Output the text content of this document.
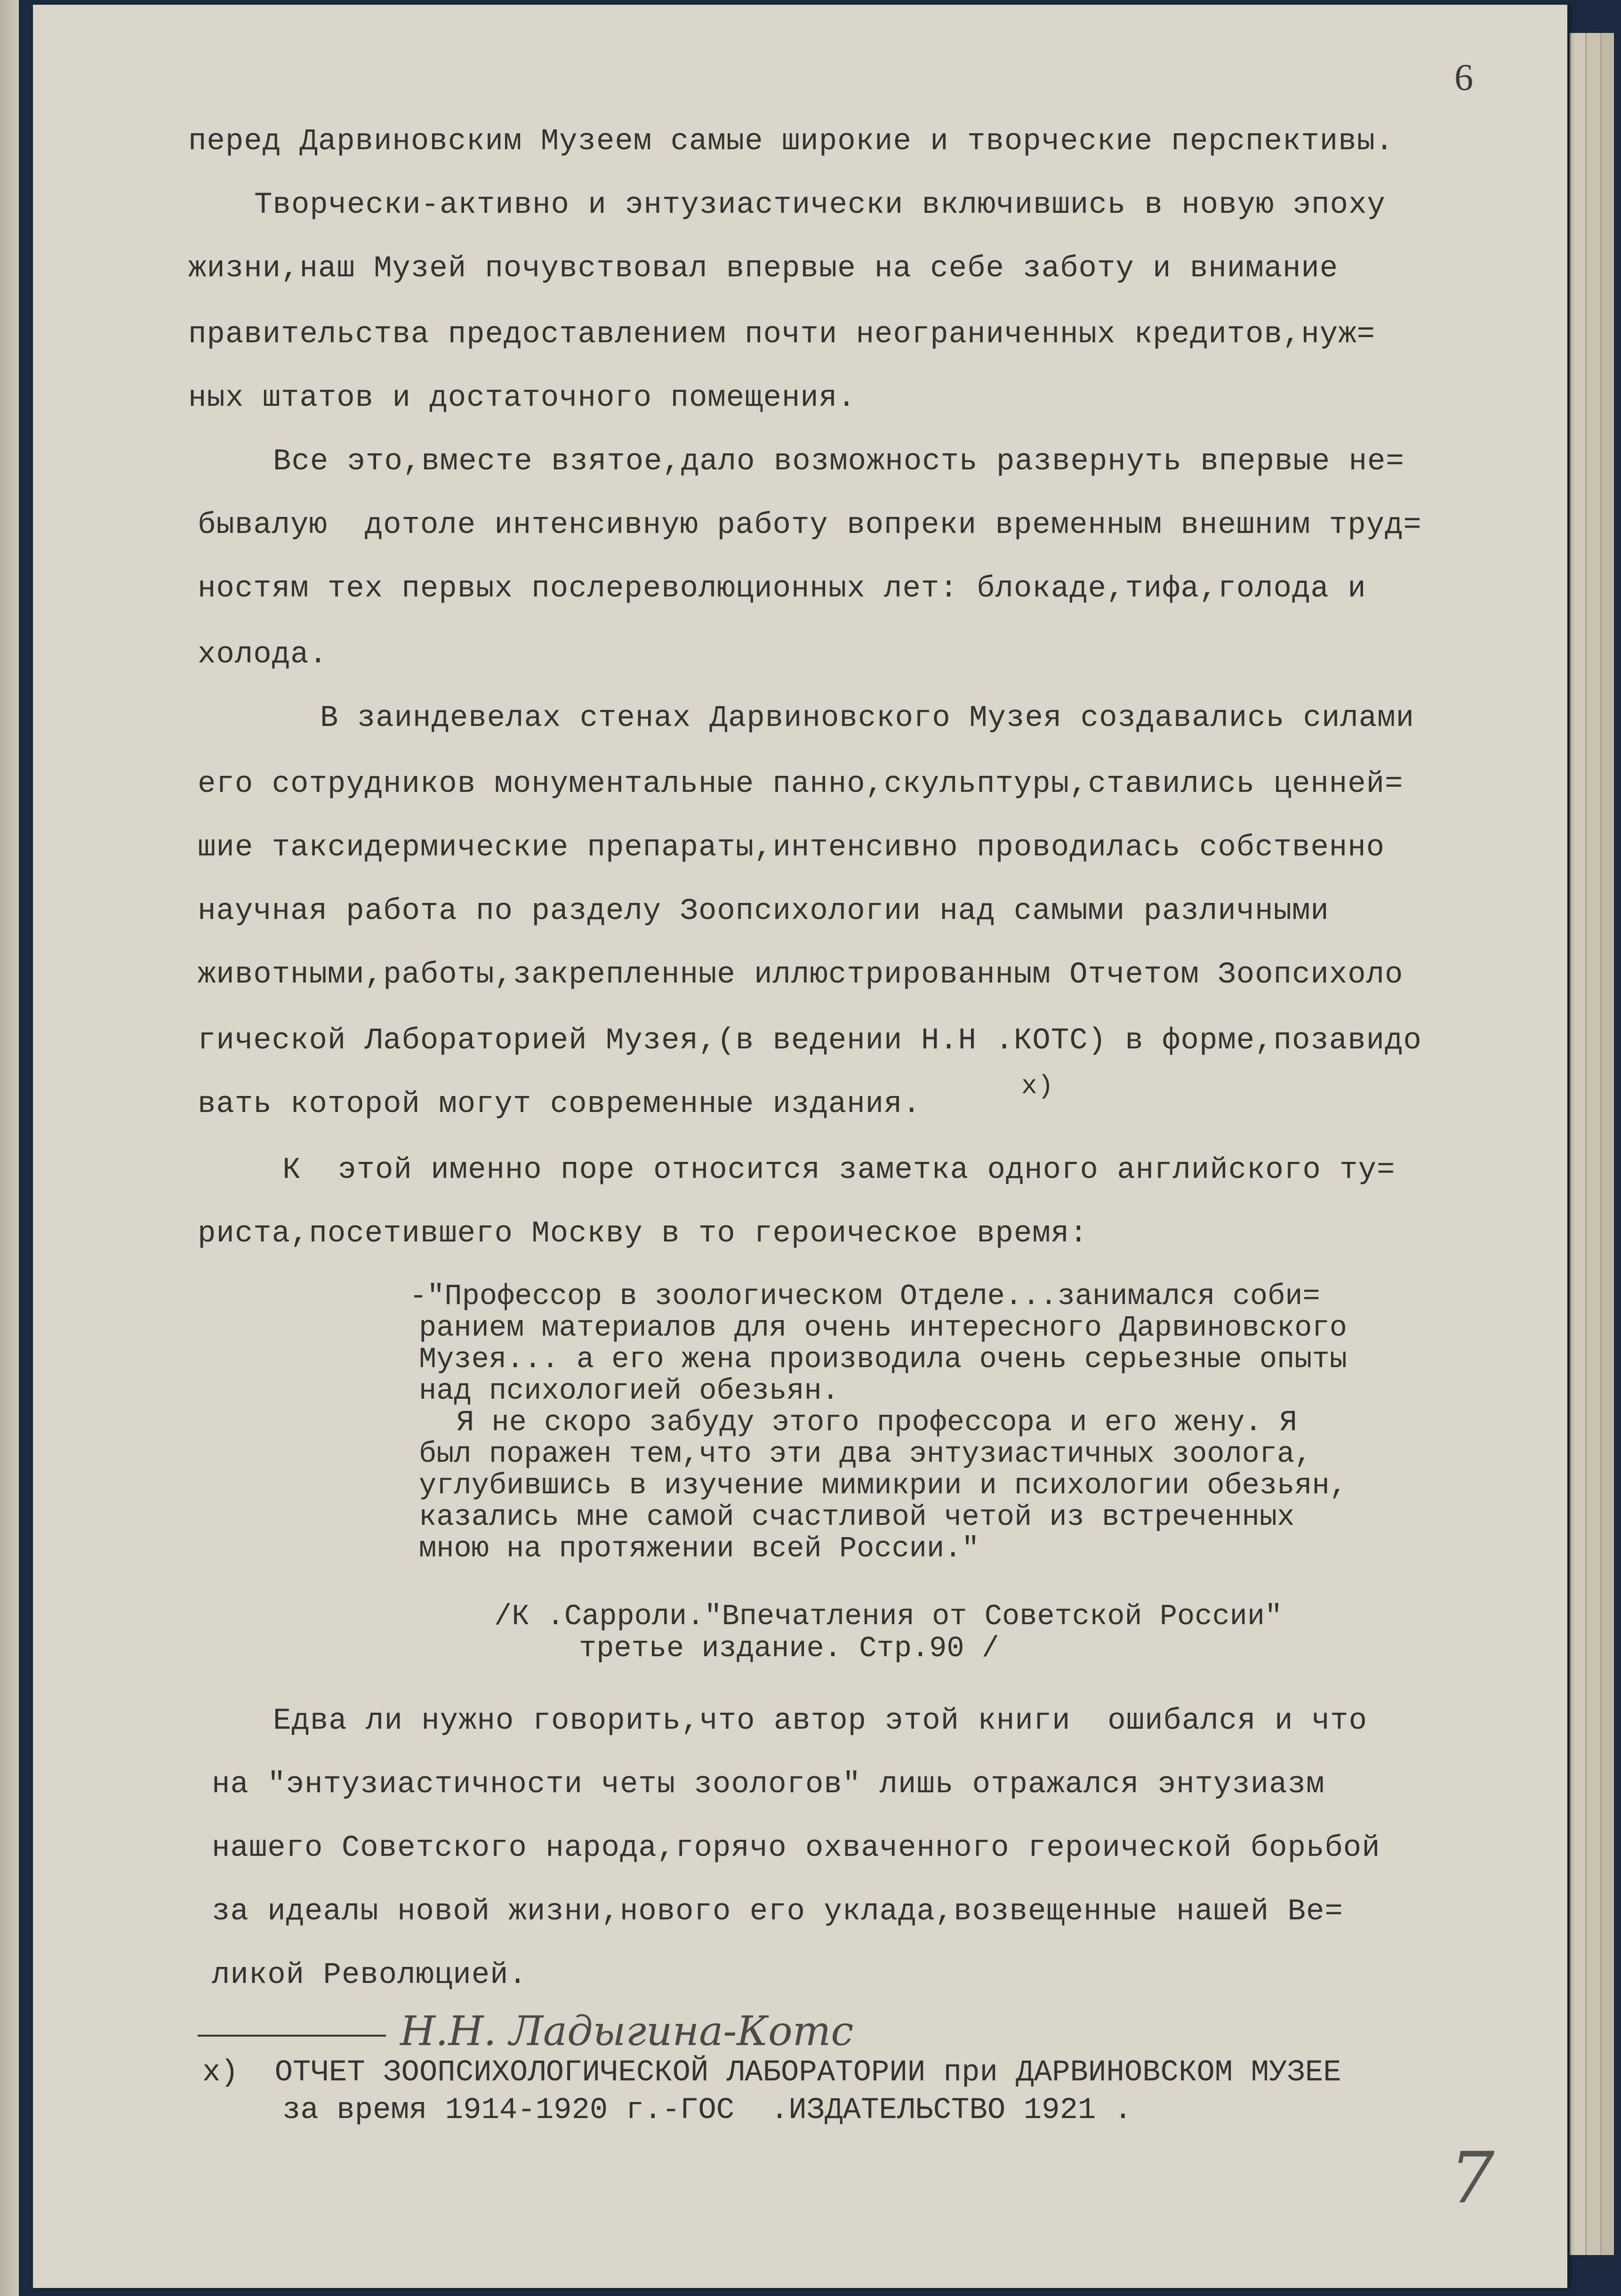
6
перед Дарвиновским Музеем самые широкие и творческие перспективы.
Творчески-активно и энтузиастически включившись в новую эпоху
жизни,наш Музей почувствовал впервые на себе заботу и внимание
правительства предоставлением почти неограниченных кредитов,нуж=
ных штатов и достаточного помещения.
Все это,вместе взятое,дало возможность развернуть впервые не=
бывалую  дотоле интенсивную работу вопреки временным внешним труд=
ностям тех первых послереволюционных лет: блокаде,тифа,голода и
холода.
В заиндевелах стенах Дарвиновского Музея создавались силами
его сотрудников монументальные панно,скульптуры,ставились ценней=
шие таксидермические препараты,интенсивно проводилась собственно
научная работа по разделу Зоопсихологии над самыми различными
животными,работы,закрепленные иллюстрированным Отчетом Зоопсихоло
гической Лабораторией Музея,(в ведении Н.Н .КОТС) в форме,позавидо
вать которой могут современные издания.
х)
К  этой именно поре относится заметка одного английского ту=
риста,посетившего Москву в то героическое время:
-"Профессор в зоологическом Отделе...занимался соби=
ранием материалов для очень интересного Дарвиновского
Музея... а его жена производила очень серьезные опыты
над психологией обезьян.
Я не скоро забуду этого профессора и его жену. Я
был поражен тем,что эти два энтузиастичных зоолога,
углубившись в изучение мимикрии и психологии обезьян,
казались мне самой счастливой четой из встреченных
мною на протяжении всей России."
/К .Сарроли."Впечатления от Советской России"
третье издание. Стр.90 /
Едва ли нужно говорить,что автор этой книги  ошибался и что
на "энтузиастичности четы зоологов" лишь отражался энтузиазм
нашего Советского народа,горячо охваченного героической борьбой
за идеалы новой жизни,нового его уклада,возвещенные нашей Ве=
ликой Революцией.
Н.Н. Ладыгина-Котс
х)  ОТЧЕТ ЗООПСИХОЛОГИЧЕСКОЙ ЛАБОРАТОРИИ при ДАРВИНОВСКОМ МУЗЕЕ
за время 1914-1920 г.-ГОС  .ИЗДАТЕЛЬСТВО 1921 .
7
